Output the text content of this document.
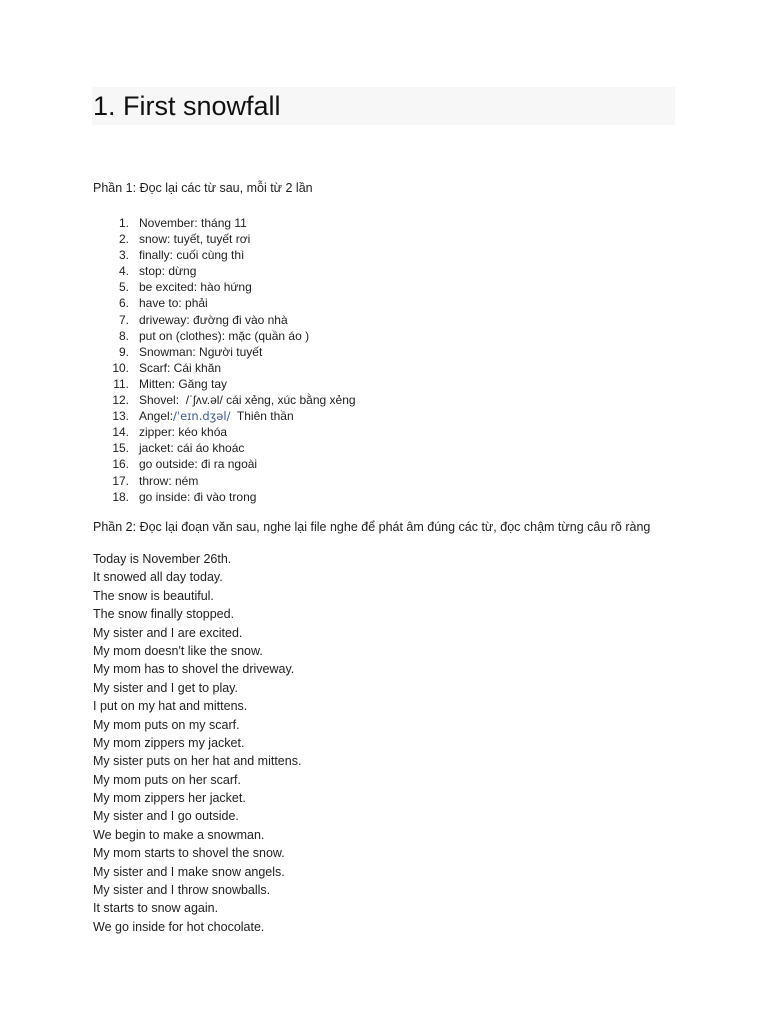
1. First snowfall

Phần 1: Đọc lại các từ sau, mỗi từ 2 lần

1. November: tháng 11
2. snow: tuyết, tuyết rơi
3. finally: cuối cùng thì
4. stop: dừng
5. be excited: hào hứng
6. have to: phải
7. driveway: đường đi vào nhà
8. put on (clothes): mặc (quần áo )
9. Snowman: Người tuyết
10. Scarf: Cái khăn
11. Mitten: Găng tay
12. Shovel:  /ˈʃʌv.əl/ cái xẻng, xúc bằng xẻng
13. Angel:/ˈeɪn.dʒəl/  Thiên thần
14. zipper: kéo khóa
15. jacket: cái áo khoác
16. go outside: đi ra ngoài
17. throw: ném
18. go inside: đi vào trong

Phần 2: Đọc lại đoạn văn sau, nghe lại file nghe để phát âm đúng các từ, đọc chậm từng câu rõ ràng

Today is November 26th.
It snowed all day today.
The snow is beautiful.
The snow finally stopped.
My sister and I are excited.
My mom doesn't like the snow.
My mom has to shovel the driveway.
My sister and I get to play.
I put on my hat and mittens.
My mom puts on my scarf.
My mom zippers my jacket.
My sister puts on her hat and mittens.
My mom puts on her scarf.
My mom zippers her jacket.
My sister and I go outside.
We begin to make a snowman.
My mom starts to shovel the snow.
My sister and I make snow angels.
My sister and I throw snowballs.
It starts to snow again.
We go inside for hot chocolate.
